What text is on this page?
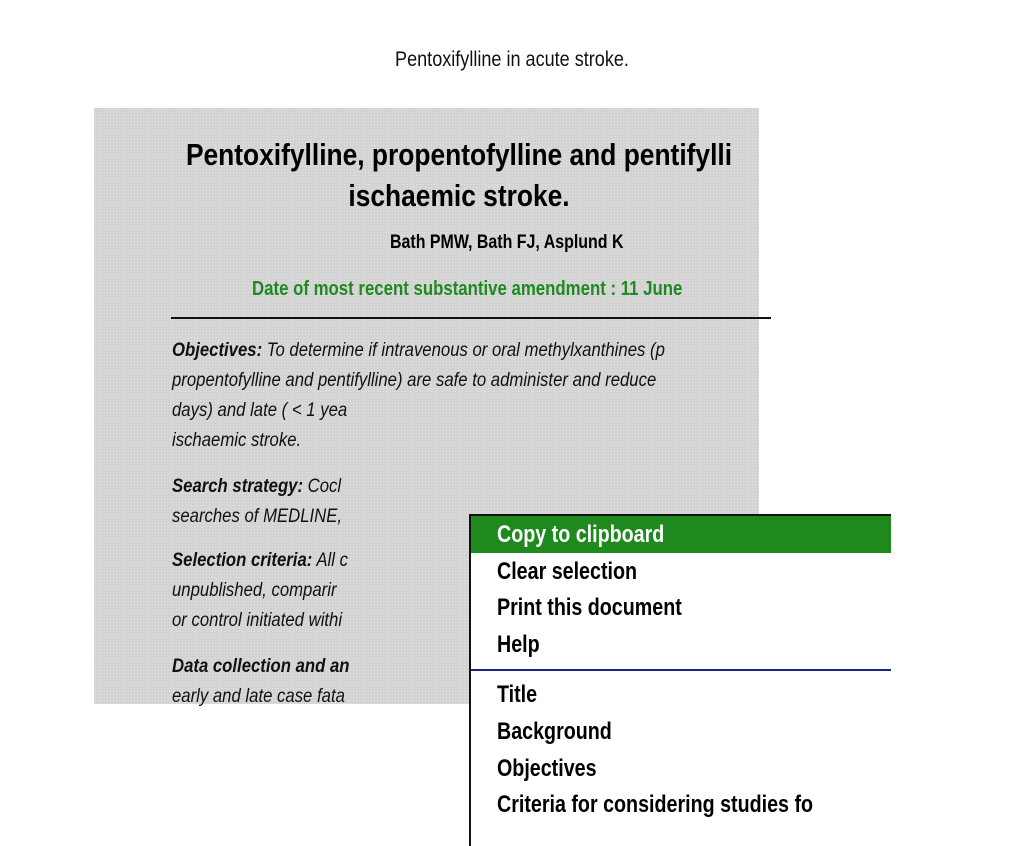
Pentoxifylline in acute stroke.
Pentoxifylline, propentofylline and pentifylli
ischaemic stroke.
Bath PMW, Bath FJ, Asplund K
Date of most recent substantive amendment : 11 June

Objectives: To determine if intravenous or oral methylxanthines (p
propentofylline and pentifylline) are safe to administer and reduce
days) and late ( < 1 yea
ischaemic stroke.

Search strategy: Cocl
searches of MEDLINE,

Selection criteria: All c
unpublished, comparir
or control initiated withi

Data collection and an
early and late case fata

Copy to clipboard
Clear selection
Print this document
Help
Title
Background
Objectives
Criteria for considering studies fo
